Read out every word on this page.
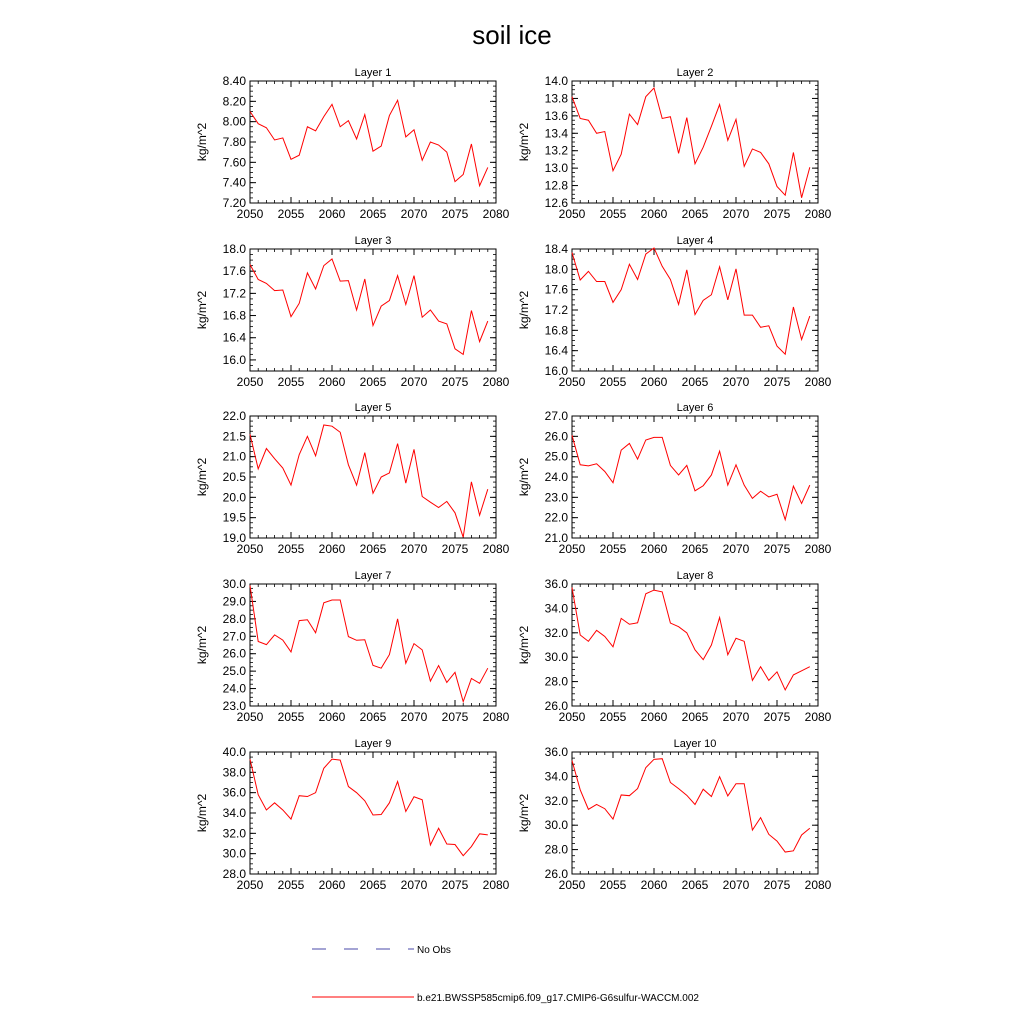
soil ice
Layer 1
2050 2055 2060 2065 2070 2075 2080
7.20
7.40
7.60
7.80
8.00
8.20
8.40
kg/m^2
Layer 2
2050 2055 2060 2065 2070 2075 2080
12.6
12.8
13.0
13.2
13.4
13.6
13.8
14.0
kg/m^2
Layer 3
2050 2055 2060 2065 2070 2075 2080
16.0
16.4
16.8
17.2
17.6
18.0
kg/m^2
Layer 4
2050 2055 2060 2065 2070 2075 2080
16.0
16.4
16.8
17.2
17.6
18.0
18.4
kg/m^2
Layer 5
2050 2055 2060 2065 2070 2075 2080
19.0
19.5
20.0
20.5
21.0
21.5
22.0
kg/m^2
Layer 6
2050 2055 2060 2065 2070 2075 2080
21.0
22.0
23.0
24.0
25.0
26.0
27.0
kg/m^2
Layer 7
2050 2055 2060 2065 2070 2075 2080
23.0
24.0
25.0
26.0
27.0
28.0
29.0
30.0
kg/m^2
Layer 8
2050 2055 2060 2065 2070 2075 2080
26.0
28.0
30.0
32.0
34.0
36.0
kg/m^2
Layer 9
2050 2055 2060 2065 2070 2075 2080
28.0
30.0
32.0
34.0
36.0
38.0
40.0
kg/m^2
Layer 10
2050 2055 2060 2065 2070 2075 2080
26.0
28.0
30.0
32.0
34.0
36.0
kg/m^2
No Obs
b.e21.BWSSP585cmip6.f09_g17.CMIP6-G6sulfur-WACCM.002
